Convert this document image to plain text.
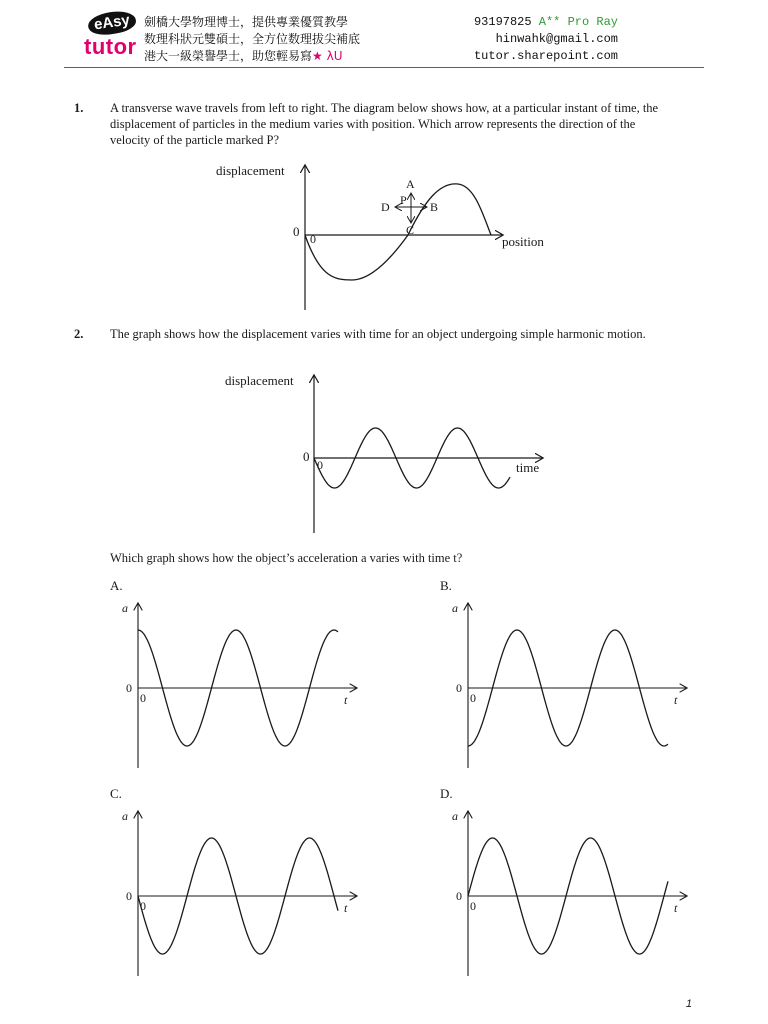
eAsy
tutor
劍橋大學物理博士，提供專業優質教學
数理科狀元雙碩士，全方位数理拔尖補底
港大一級榮譽學士，助您輕易寫★ λU
93197825 A** Pro Ray
hinwahk@gmail.com
tutor.sharepoint.com
1. A transverse wave travels from left to right. The diagram below shows how, at a particular instant of time, the displacement of particles in the medium varies with position. Which arrow represents the direction of the velocity of the particle marked P?
displacement
position
0 0
A
B
C
D P
2. The graph shows how the displacement varies with time for an object undergoing simple harmonic motion.
displacement
time
0
0
Which graph shows how the object’s acceleration a varies with time t?
A.
a
t
0
0
B.
a
t
0
0
C.
a
t
0
0
D.
a
t
0
0
1
